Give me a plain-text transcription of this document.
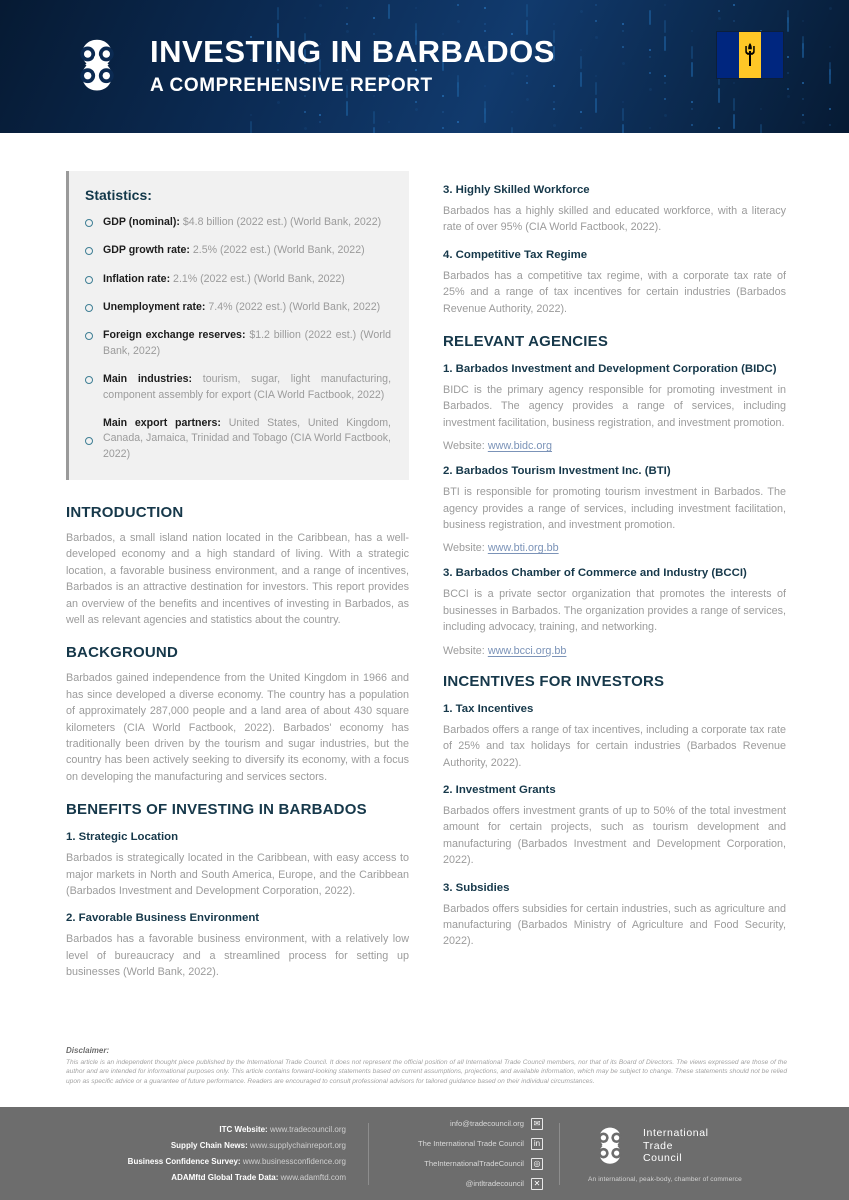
INVESTING IN BARBADOS
A COMPREHENSIVE REPORT
Statistics:
GDP (nominal): $4.8 billion (2022 est.) (World Bank, 2022)
GDP growth rate: 2.5% (2022 est.) (World Bank, 2022)
Inflation rate: 2.1% (2022 est.) (World Bank, 2022)
Unemployment rate: 7.4% (2022 est.) (World Bank, 2022)
Foreign exchange reserves: $1.2 billion (2022 est.) (World Bank, 2022)
Main industries: tourism, sugar, light manufacturing, component assembly for export (CIA World Factbook, 2022)
Main export partners: United States, United Kingdom, Canada, Jamaica, Trinidad and Tobago (CIA World Factbook, 2022)
INTRODUCTION

Barbados, a small island nation located in the Caribbean, has a well-developed economy and a high standard of living. With a strategic location, a favorable business environment, and a range of incentives, Barbados is an attractive destination for investors. This report provides an overview of the benefits and incentives of investing in Barbados, as well as relevant agencies and statistics about the country.

BACKGROUND

Barbados gained independence from the United Kingdom in 1966 and has since developed a diverse economy. The country has a population of approximately 287,000 people and a land area of about 430 square kilometers (CIA World Factbook, 2022). Barbados' economy has traditionally been driven by the tourism and sugar industries, but the country has been actively seeking to diversify its economy, with a focus on developing the manufacturing and services sectors.

BENEFITS OF INVESTING IN BARBADOS
1. Strategic Location

Barbados is strategically located in the Caribbean, with easy access to major markets in North and South America, Europe, and the Caribbean (Barbados Investment and Development Corporation, 2022).

2. Favorable Business Environment

Barbados has a favorable business environment, with a relatively low level of bureaucracy and a streamlined process for setting up businesses (World Bank, 2022).

3. Highly Skilled Workforce

Barbados has a highly skilled and educated workforce, with a literacy rate of over 95% (CIA World Factbook, 2022).

4. Competitive Tax Regime

Barbados has a competitive tax regime, with a corporate tax rate of 25% and a range of tax incentives for certain industries (Barbados Revenue Authority, 2022).

RELEVANT AGENCIES
1. Barbados Investment and Development Corporation (BIDC)

BIDC is the primary agency responsible for promoting investment in Barbados. The agency provides a range of services, including investment facilitation, business registration, and investment promotion.

Website: www.bidc.org

2. Barbados Tourism Investment Inc. (BTI)

BTI is responsible for promoting tourism investment in Barbados. The agency provides a range of services, including investment facilitation, business registration, and investment promotion.

Website: www.bti.org.bb

3. Barbados Chamber of Commerce and Industry (BCCI)

BCCI is a private sector organization that promotes the interests of businesses in Barbados. The organization provides a range of services, including advocacy, training, and networking.

Website: www.bcci.org.bb

INCENTIVES FOR INVESTORS
1. Tax Incentives

Barbados offers a range of tax incentives, including a corporate tax rate of 25% and tax holidays for certain industries (Barbados Revenue Authority, 2022).

2. Investment Grants

Barbados offers investment grants of up to 50% of the total investment amount for certain projects, such as tourism development and manufacturing (Barbados Investment and Development Corporation, 2022).

3. Subsidies

Barbados offers subsidies for certain industries, such as agriculture and manufacturing (Barbados Ministry of Agriculture and Food Security, 2022).

Disclaimer:
This article is an independent thought piece published by the International Trade Council. It does not represent the official position of all International Trade Council members, nor that of its Board of Directors. The views expressed are those of the author and are intended for informational purposes only. This article contains forward-looking statements based on current assumptions, projections, and available information, which may be subject to change. These statements should not be relied upon as specific advice or a guarantee of future performance. Readers are encouraged to consult professional advisors for tailored guidance based on their individual circumstances.
ITC Website: www.tradecouncil.org
Supply Chain News: www.supplychainreport.org
Business Confidence Survey: www.businessconfidence.org
ADAMftd Global Trade Data: www.adamftd.com
info@tradecouncil.org	✉
The International Trade Council	in
TheInternationalTradeCouncil	◎
@intltradecouncil	✕
International
Trade
Council
An international, peak-body, chamber of commerce
